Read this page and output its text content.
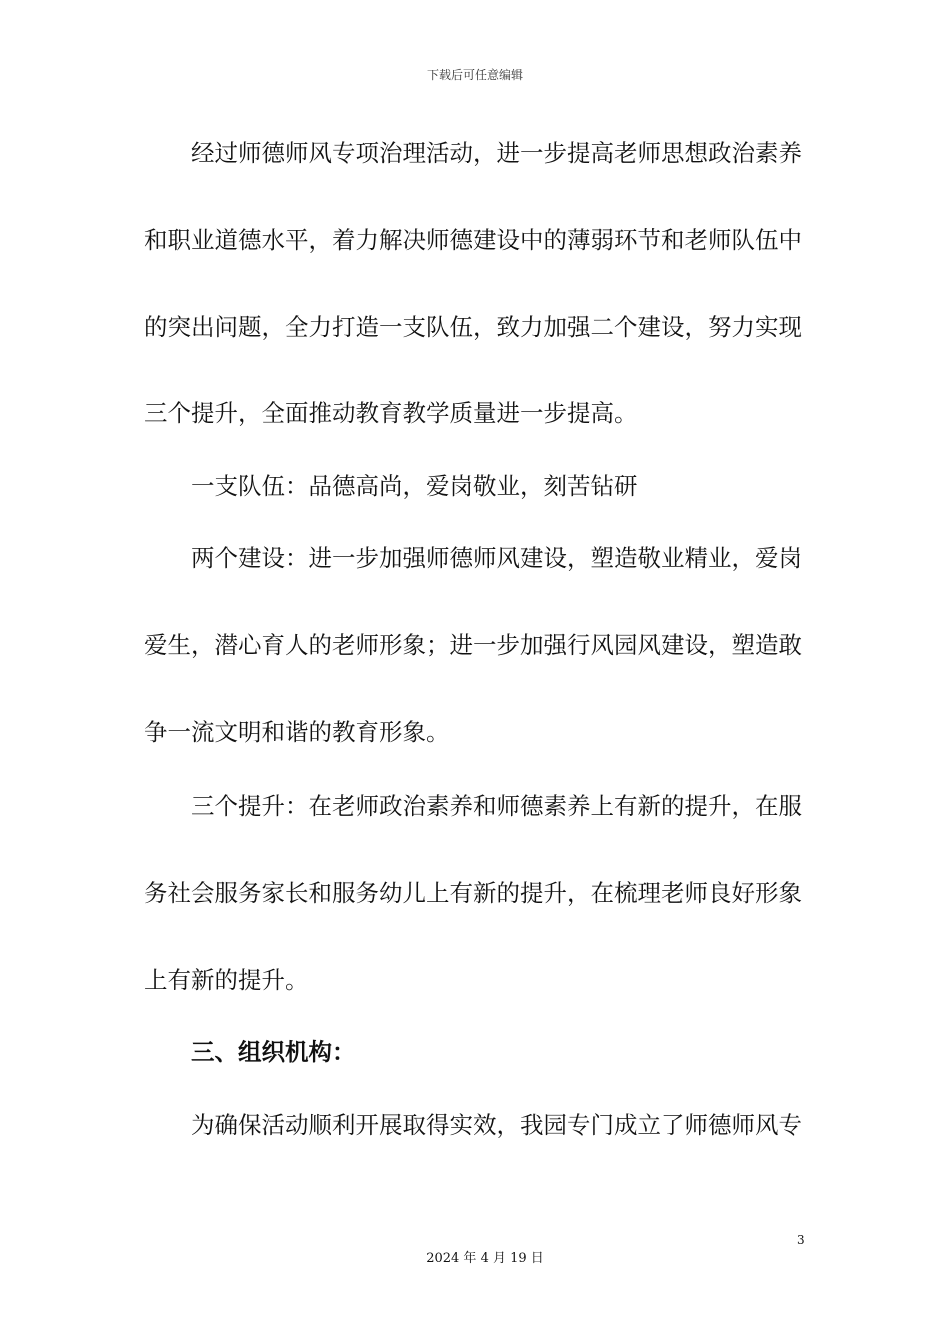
下载后可任意编辑
经过师德师风专项治理活动，进一步提高老师思想政治素养
和职业道德水平，着力解决师德建设中的薄弱环节和老师队伍中
的突出问题，全力打造一支队伍，致力加强二个建设，努力实现
三个提升，全面推动教育教学质量进一步提高。
一支队伍：品德高尚，爱岗敬业，刻苦钻研
两个建设：进一步加强师德师风建设，塑造敬业精业，爱岗
爱生，潜心育人的老师形象；进一步加强行风园风建设，塑造敢
争一流文明和谐的教育形象。
三个提升：在老师政治素养和师德素养上有新的提升，在服
务社会服务家长和服务幼儿上有新的提升，在梳理老师良好形象
上有新的提升。
三、组织机构：
为确保活动顺利开展取得实效，我园专门成立了师德师风专
3
2024 年 4 月 19 日
